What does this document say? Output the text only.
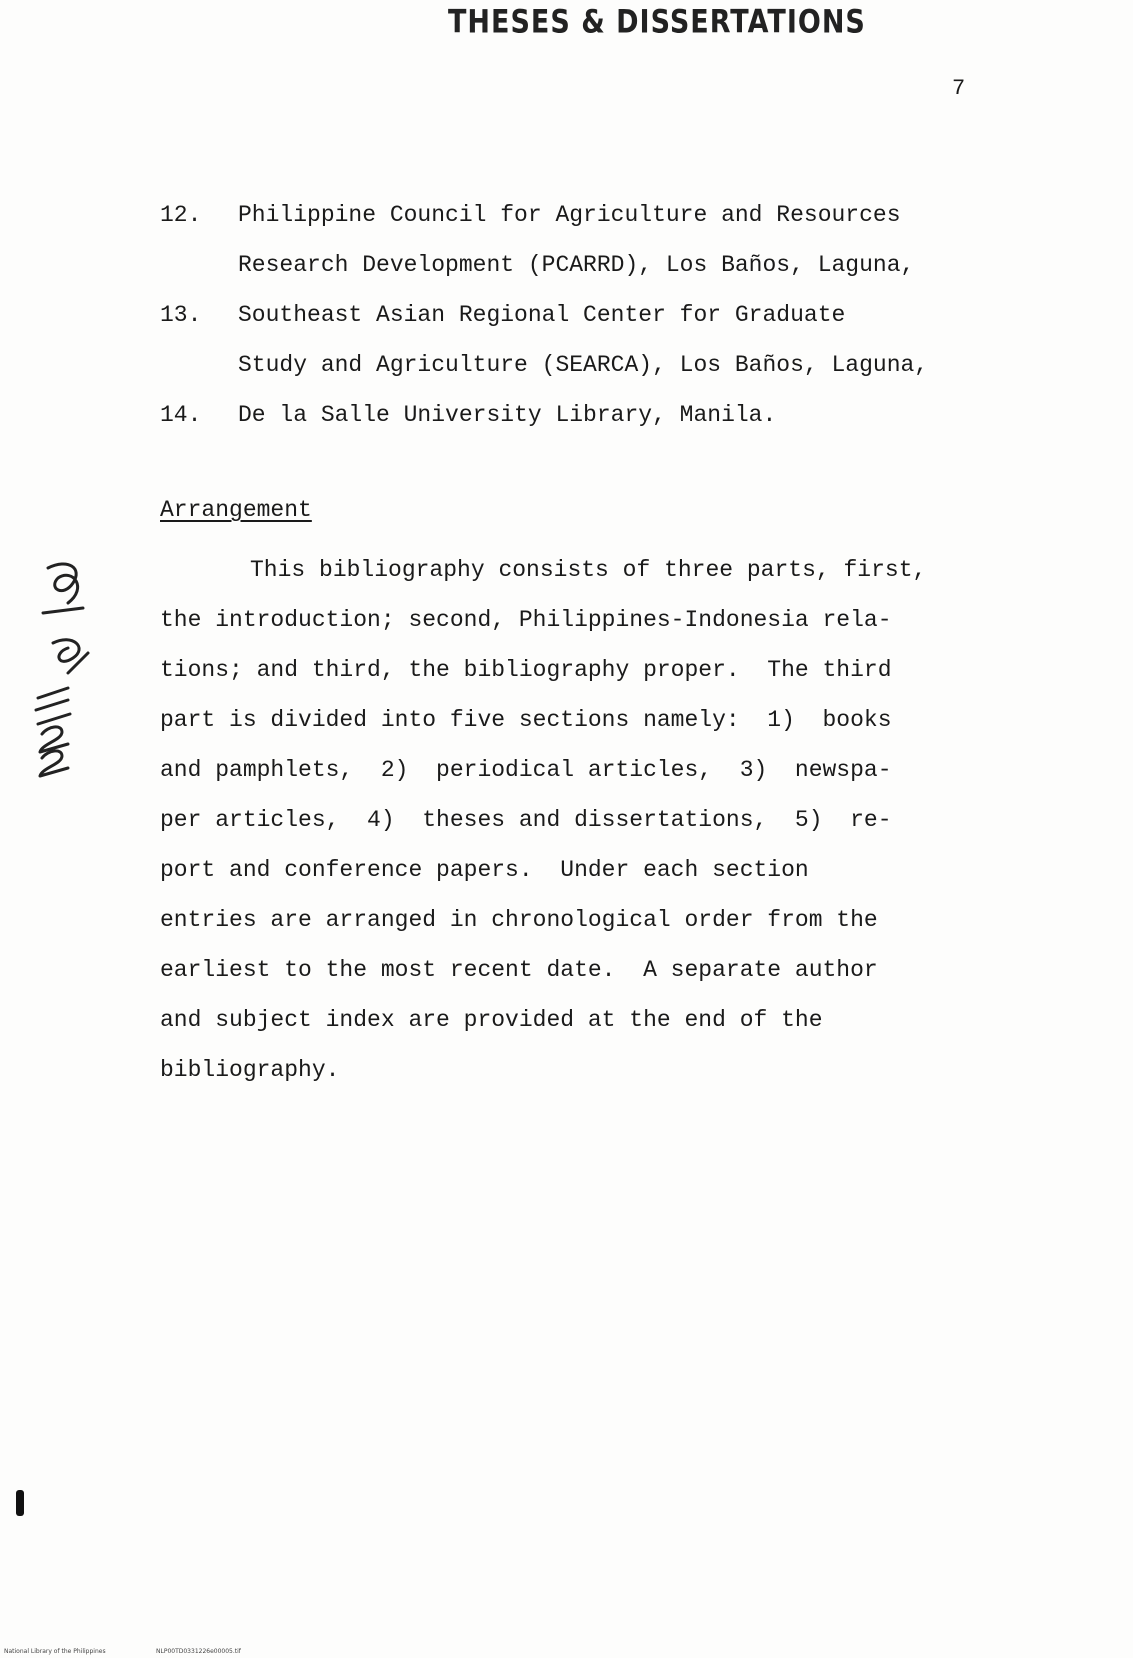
THESES & DISSERTATIONS
7
12.	Philippine Council for Agriculture and Resources
Research Development (PCARRD), Los Baños, Laguna,
13.	Southeast Asian Regional Center for Graduate
Study and Agriculture (SEARCA), Los Baños, Laguna,
14.	De la Salle University Library, Manila.
Arrangement
This bibliography consists of three parts, first,
the introduction; second, Philippines-Indonesia rela-
tions; and third, the bibliography proper.  The third
part is divided into five sections namely:  1)  books
and pamphlets,  2)  periodical articles,  3)  newspa-
per articles,  4)  theses and dissertations,  5)  re-
port and conference papers.  Under each section
entries are arranged in chronological order from the
earliest to the most recent date.  A separate author
and subject index are provided at the end of the
bibliography.
National Library of the Philippines	NLP00TD0331226e00005.tif
